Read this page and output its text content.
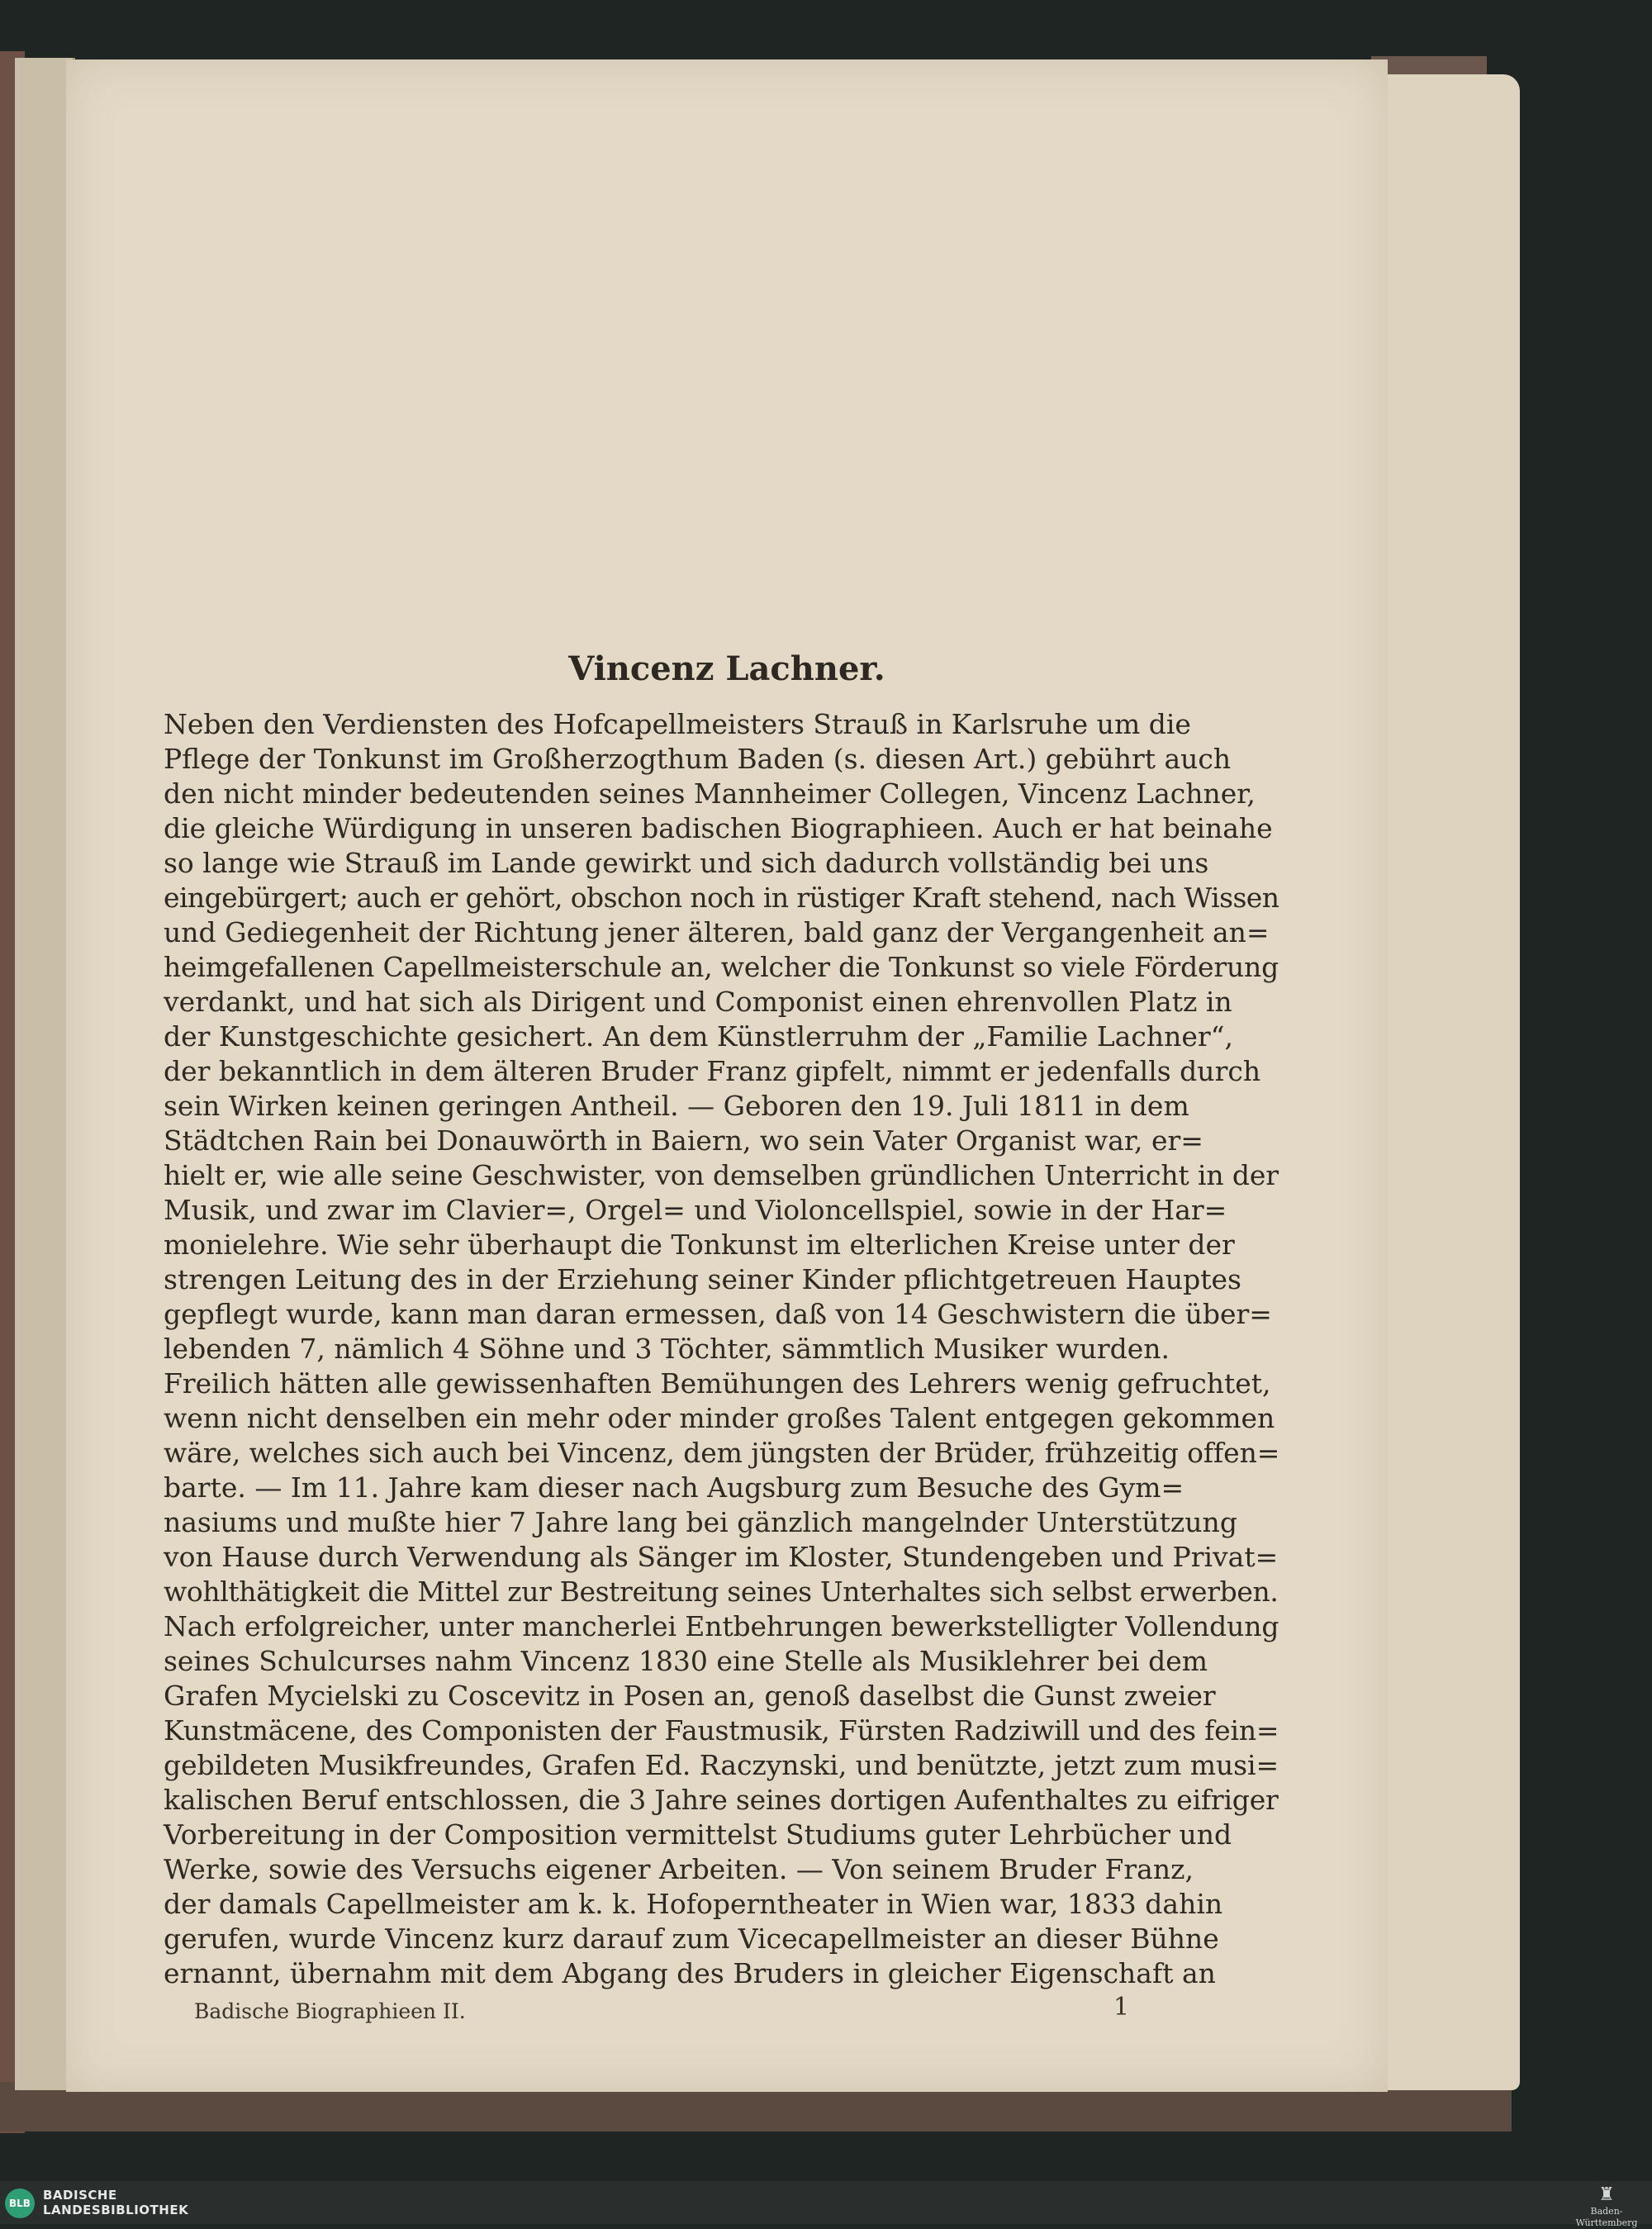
Vincenz Lachner.
Neben den Verdiensten des Hofcapellmeisters Strauß in Karlsruhe um die
Pflege der Tonkunst im Großherzogthum Baden (s. diesen Art.) gebührt auch
den nicht minder bedeutenden seines Mannheimer Collegen, Vincenz Lachner,
die gleiche Würdigung in unseren badischen Biographieen. Auch er hat beinahe
so lange wie Strauß im Lande gewirkt und sich dadurch vollständig bei uns
eingebürgert; auch er gehört, obschon noch in rüstiger Kraft stehend, nach Wissen
und Gediegenheit der Richtung jener älteren, bald ganz der Vergangenheit an=
heimgefallenen Capellmeisterschule an, welcher die Tonkunst so viele Förderung
verdankt, und hat sich als Dirigent und Componist einen ehrenvollen Platz in
der Kunstgeschichte gesichert. An dem Künstlerruhm der „Familie Lachner“,
der bekanntlich in dem älteren Bruder Franz gipfelt, nimmt er jedenfalls durch
sein Wirken keinen geringen Antheil. — Geboren den 19. Juli 1811 in dem
Städtchen Rain bei Donauwörth in Baiern, wo sein Vater Organist war, er=
hielt er, wie alle seine Geschwister, von demselben gründlichen Unterricht in der
Musik, und zwar im Clavier=, Orgel= und Violoncellspiel, sowie in der Har=
monielehre. Wie sehr überhaupt die Tonkunst im elterlichen Kreise unter der
strengen Leitung des in der Erziehung seiner Kinder pflichtgetreuen Hauptes
gepflegt wurde, kann man daran ermessen, daß von 14 Geschwistern die über=
lebenden 7, nämlich 4 Söhne und 3 Töchter, sämmtlich Musiker wurden.
Freilich hätten alle gewissenhaften Bemühungen des Lehrers wenig gefruchtet,
wenn nicht denselben ein mehr oder minder großes Talent entgegen gekommen
wäre, welches sich auch bei Vincenz, dem jüngsten der Brüder, frühzeitig offen=
barte. — Im 11. Jahre kam dieser nach Augsburg zum Besuche des Gym=
nasiums und mußte hier 7 Jahre lang bei gänzlich mangelnder Unterstützung
von Hause durch Verwendung als Sänger im Kloster, Stundengeben und Privat=
wohlthätigkeit die Mittel zur Bestreitung seines Unterhaltes sich selbst erwerben.
Nach erfolgreicher, unter mancherlei Entbehrungen bewerkstelligter Vollendung
seines Schulcurses nahm Vincenz 1830 eine Stelle als Musiklehrer bei dem
Grafen Mycielski zu Coscevitz in Posen an, genoß daselbst die Gunst zweier
Kunstmäcene, des Componisten der Faustmusik, Fürsten Radziwill und des fein=
gebildeten Musikfreundes, Grafen Ed. Raczynski, und benützte, jetzt zum musi=
kalischen Beruf entschlossen, die 3 Jahre seines dortigen Aufenthaltes zu eifriger
Vorbereitung in der Composition vermittelst Studiums guter Lehrbücher und
Werke, sowie des Versuchs eigener Arbeiten. — Von seinem Bruder Franz,
der damals Capellmeister am k. k. Hofoperntheater in Wien war, 1833 dahin
gerufen, wurde Vincenz kurz darauf zum Vicecapellmeister an dieser Bühne
ernannt, übernahm mit dem Abgang des Bruders in gleicher Eigenschaft an
Badische Biographieen II.	1
BLB
BADISCHE
LANDESBIBLIOTHEK
♜
Baden-Württemberg
